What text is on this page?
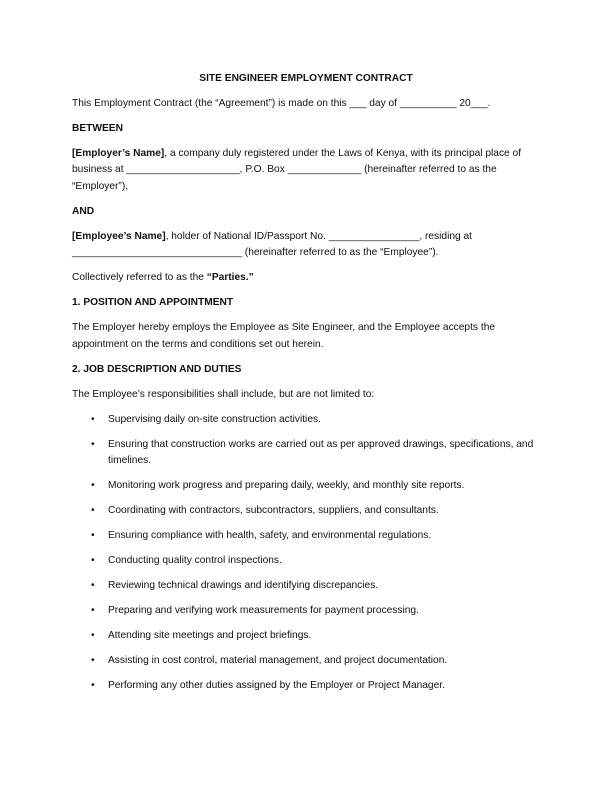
SITE ENGINEER EMPLOYMENT CONTRACT

This Employment Contract (the “Agreement”) is made on this ___ day of __________ 20___.

BETWEEN

[Employer’s Name], a company duly registered under the Laws of Kenya, with its principal place of business at ____________________, P.O. Box _____________ (hereinafter referred to as the “Employer”),

AND

[Employee’s Name], holder of National ID/Passport No. ________________, residing at ______________________________ (hereinafter referred to as the “Employee”).

Collectively referred to as the “Parties.”

1. POSITION AND APPOINTMENT

The Employer hereby employs the Employee as Site Engineer, and the Employee accepts the appointment on the terms and conditions set out herein.

2. JOB DESCRIPTION AND DUTIES

The Employee’s responsibilities shall include, but are not limited to:

• Supervising daily on-site construction activities.
• Ensuring that construction works are carried out as per approved drawings, specifications, and timelines.
• Monitoring work progress and preparing daily, weekly, and monthly site reports.
• Coordinating with contractors, subcontractors, suppliers, and consultants.
• Ensuring compliance with health, safety, and environmental regulations.
• Conducting quality control inspections.
• Reviewing technical drawings and identifying discrepancies.
• Preparing and verifying work measurements for payment processing.
• Attending site meetings and project briefings.
• Assisting in cost control, material management, and project documentation.
• Performing any other duties assigned by the Employer or Project Manager.
